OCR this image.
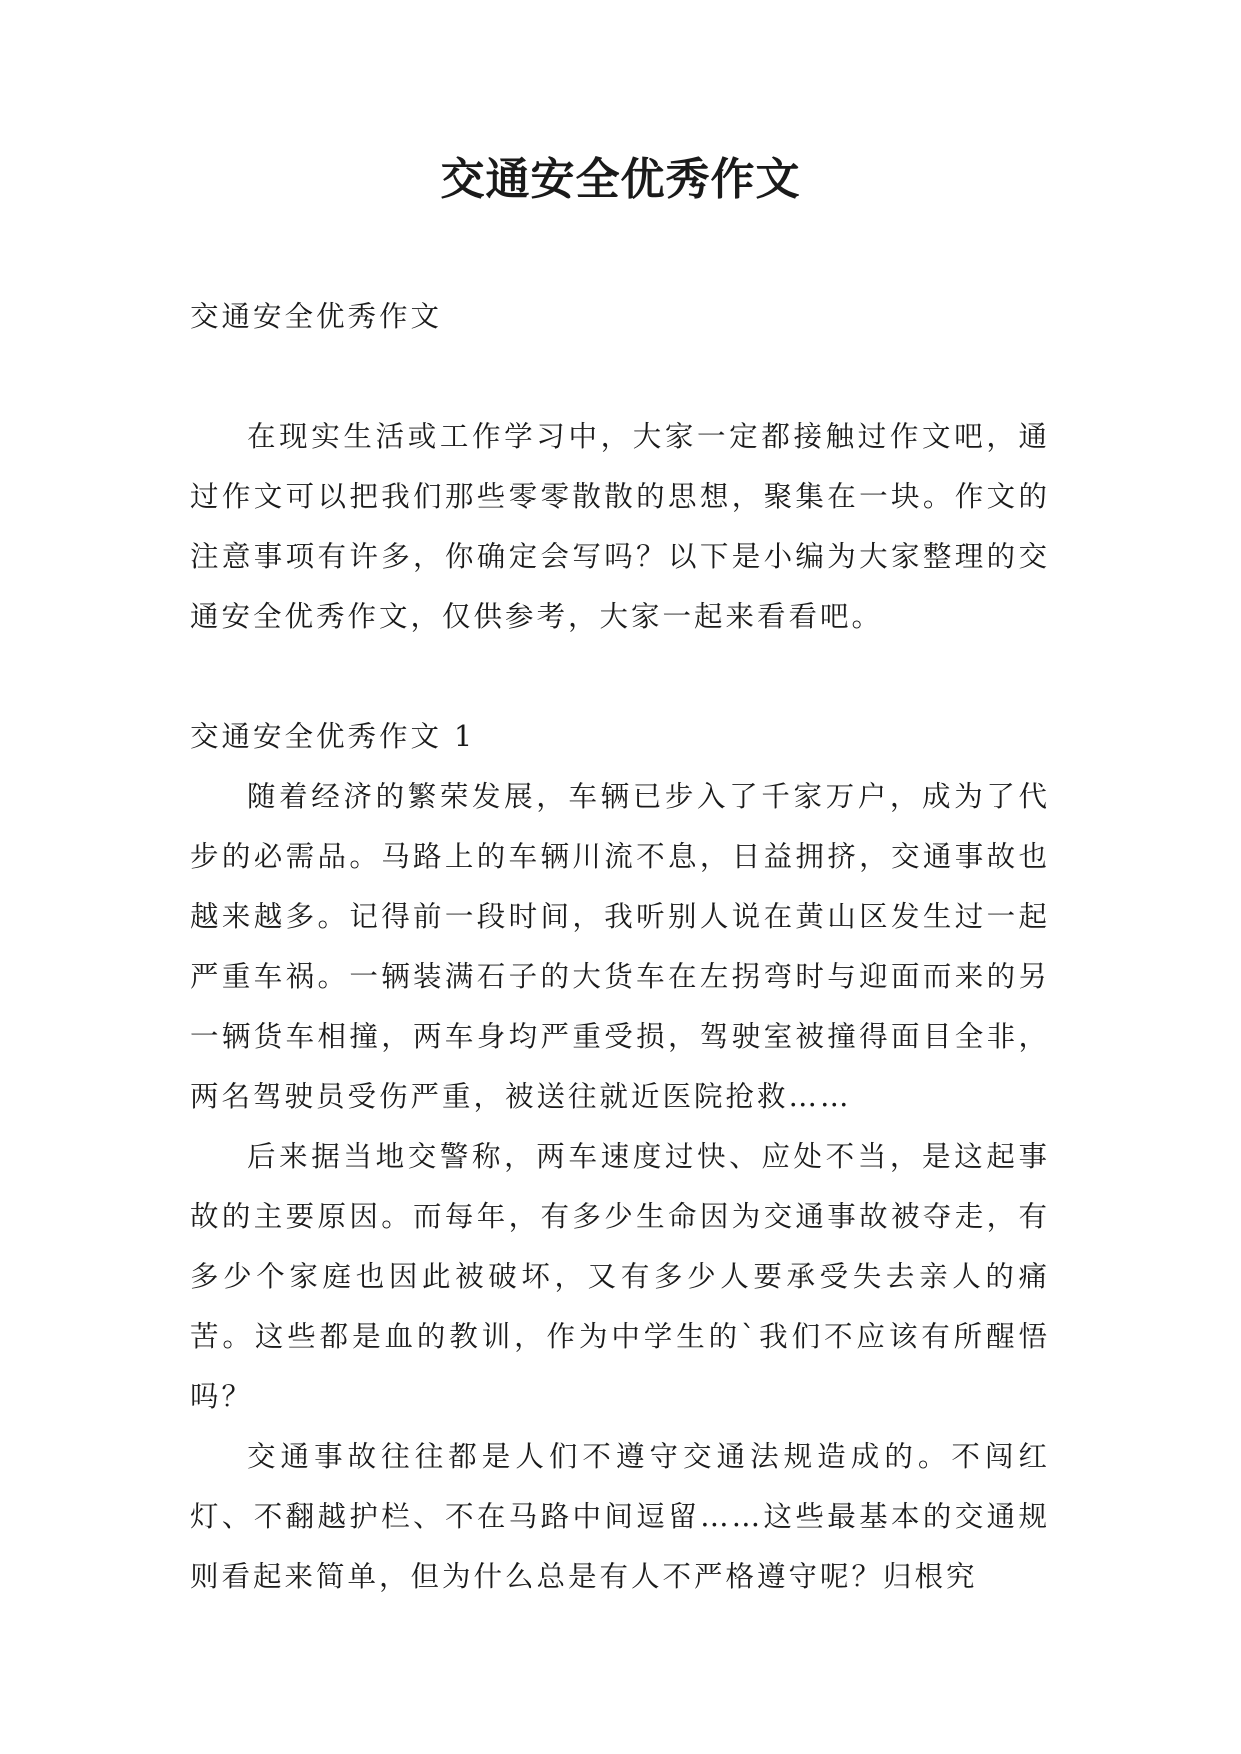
交通安全优秀作文

交通安全优秀作文

在现实生活或工作学习中，大家一定都接触过作文吧，通过作文可以把我们那些零零散散的思想，聚集在一块。作文的注意事项有许多，你确定会写吗？以下是小编为大家整理的交通安全优秀作文，仅供参考，大家一起来看看吧。

交通安全优秀作文 1

随着经济的繁荣发展，车辆已步入了千家万户，成为了代步的必需品。马路上的车辆川流不息，日益拥挤，交通事故也越来越多。记得前一段时间，我听别人说在黄山区发生过一起严重车祸。一辆装满石子的大货车在左拐弯时与迎面而来的另一辆货车相撞，两车身均严重受损，驾驶室被撞得面目全非，两名驾驶员受伤严重，被送往就近医院抢救……

后来据当地交警称，两车速度过快、应处不当，是这起事故的主要原因。而每年，有多少生命因为交通事故被夺走，有多少个家庭也因此被破坏，又有多少人要承受失去亲人的痛苦。这些都是血的教训，作为中学生的`我们不应该有所醒悟吗？

交通事故往往都是人们不遵守交通法规造成的。不闯红灯、不翻越护栏、不在马路中间逗留……这些最基本的交通规则看起来简单，但为什么总是有人不严格遵守呢？归根究
